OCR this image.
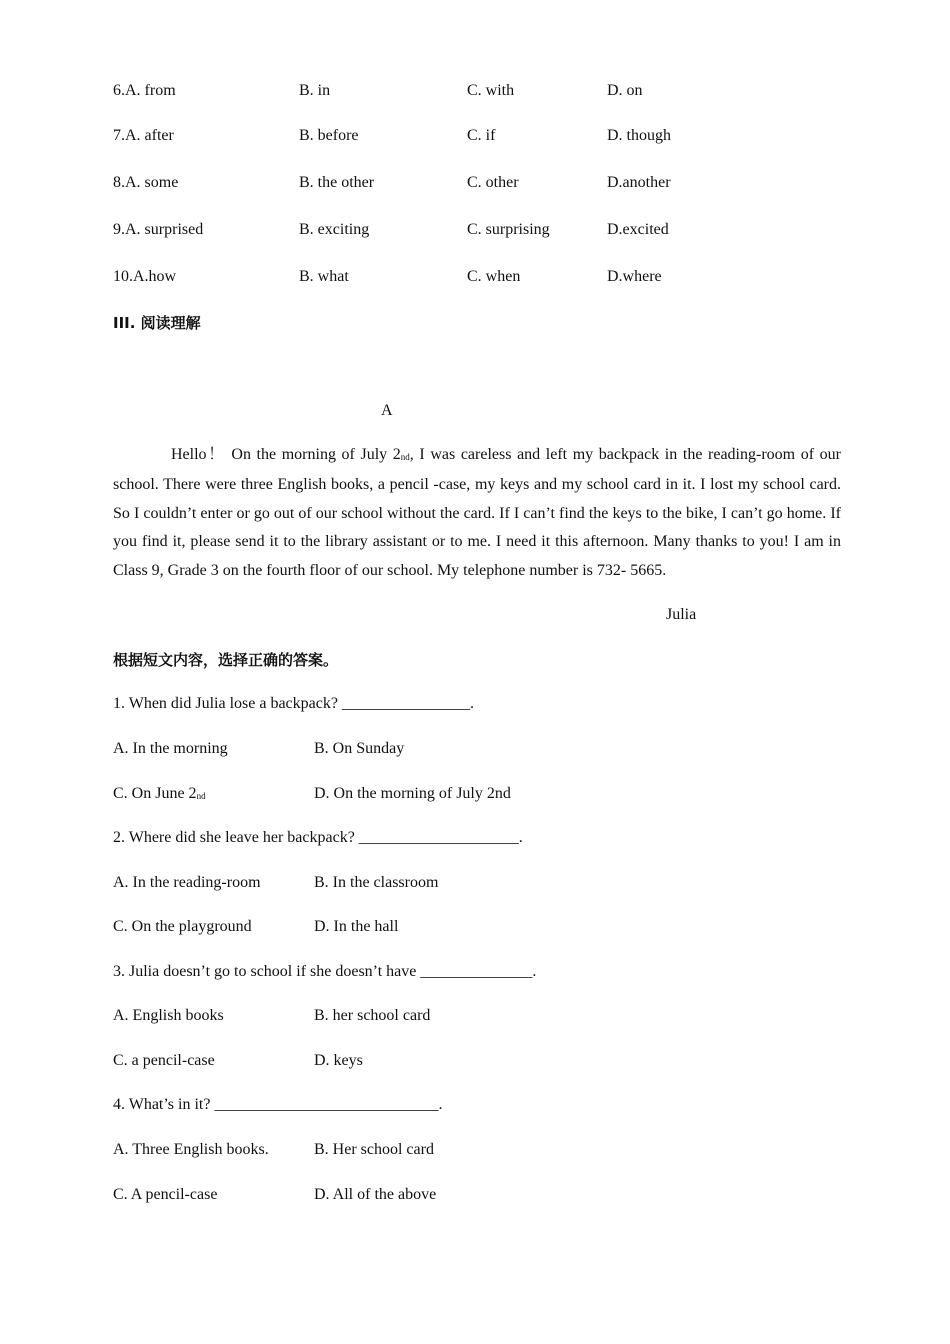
6.A. from	B. in	C. with	D. on
7.A. after	B. before	C. if	D. though
8.A. some	B. the other	C. other	D.another
9.A. surprised	B. exciting	C. surprising	D.excited
10.A.how	B. what	C. when	D.where
III. 阅读理解
A
Hello！ On the morning of July 2nd, I was careless and left my backpack in the reading-room of our school. There were three English books, a pencil -case, my keys and my school card in it. I lost my school card. So I couldn’t enter or go out of our school without the card. If I can’t find the keys to the bike, I can’t go home. If you find it, please send it to the library assistant or to me. I need it this afternoon. Many thanks to you! I am in Class 9, Grade 3 on the fourth floor of our school. My telephone number is 732- 5665.
Julia
根据短文内容，选择正确的答案。
1. When did Julia lose a backpack? ________________.
A. In the morning	B. On Sunday
C. On June 2nd	D. On the morning of July 2nd
2. Where did she leave her backpack? ____________________.
A. In the reading-room	B. In the classroom
C. On the playground	D. In the hall
3. Julia doesn’t go to school if she doesn’t have ______________.
A. English books	B. her school card
C. a pencil-case	D. keys
4. What’s in it? ____________________________.
A. Three English books.	B. Her school card
C. A pencil-case	D. All of the above
